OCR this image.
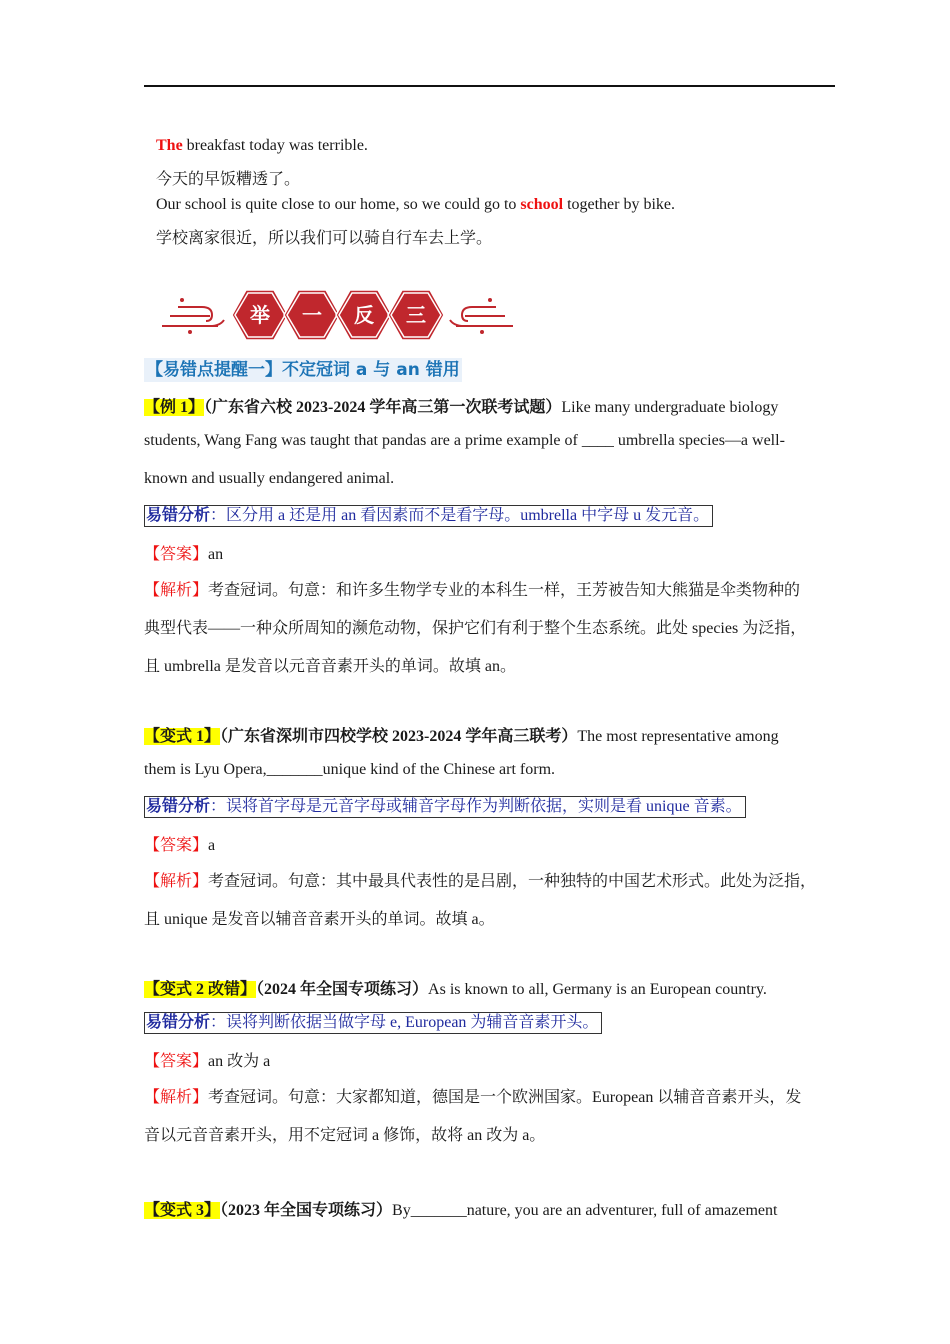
The breakfast today was terrible.
今天的早饭糟透了。
Our school is quite close to our home, so we could go to school together by bike.
学校离家很近，所以我们可以骑自行车去上学。
举 一 反 三
【易错点提醒一】不定冠词 a 与 an 错用
【例 1】（广东省六校 2023-2024 学年高三第一次联考试题）Like many undergraduate biology
students, Wang Fang was taught that pandas are a prime example of ____ umbrella species—a well-
known and usually endangered animal.
易错分析：区分用 a 还是用 an 看因素而不是看字母。umbrella 中字母 u 发元音。
【答案】an
【解析】考查冠词。句意：和许多生物学专业的本科生一样，王芳被告知大熊猫是伞类物种的
典型代表——一种众所周知的濒危动物，保护它们有利于整个生态系统。此处 species 为泛指，
且 umbrella 是发音以元音音素开头的单词。故填 an。
【变式 1】（广东省深圳市四校学校 2023-2024 学年高三联考）The most representative among
them is Lyu Opera,_______unique kind of the Chinese art form.
易错分析：误将首字母是元音字母或辅音字母作为判断依据，实则是看 unique 音素。
【答案】a
【解析】考查冠词。句意：其中最具代表性的是吕剧，一种独特的中国艺术形式。此处为泛指，
且 unique 是发音以辅音音素开头的单词。故填 a。
【变式 2 改错】（2024 年全国专项练习）As is known to all, Germany is an European country.
易错分析：误将判断依据当做字母 e, European 为辅音音素开头。
【答案】an 改为 a
【解析】考查冠词。句意：大家都知道，德国是一个欧洲国家。European 以辅音音素开头，发
音以元音音素开头，用不定冠词 a 修饰，故将 an 改为 a。
【变式 3】（2023 年全国专项练习）By_______nature, you are an adventurer, full of amazement
